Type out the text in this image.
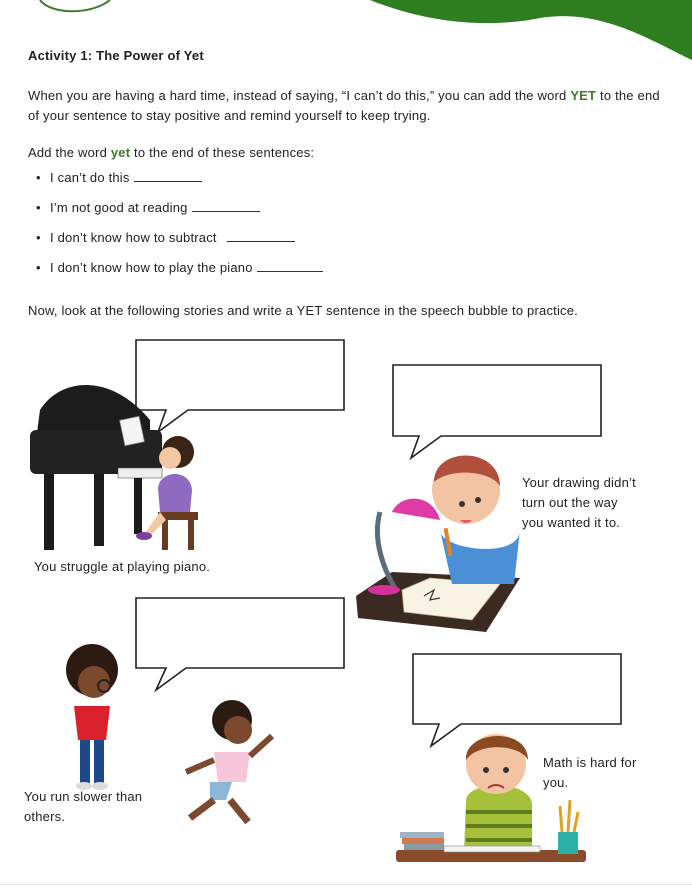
Activity 1: The Power of Yet
When you are having a hard time, instead of saying, “I can’t do this,” you can add the word YET to the end of your sentence to stay positive and remind yourself to keep trying.
Add the word yet to the end of these sentences:
• I can’t do this
• I’m not good at reading
• I don’t know how to subtract
• I don’t know how to play the piano
Now, look at the following stories and write a YET sentence in the speech bubble to practice.
You struggle at playing piano.
Your drawing didn’t
turn out the way
you wanted it to.
You run slower than
others.
Math is hard for
you.
